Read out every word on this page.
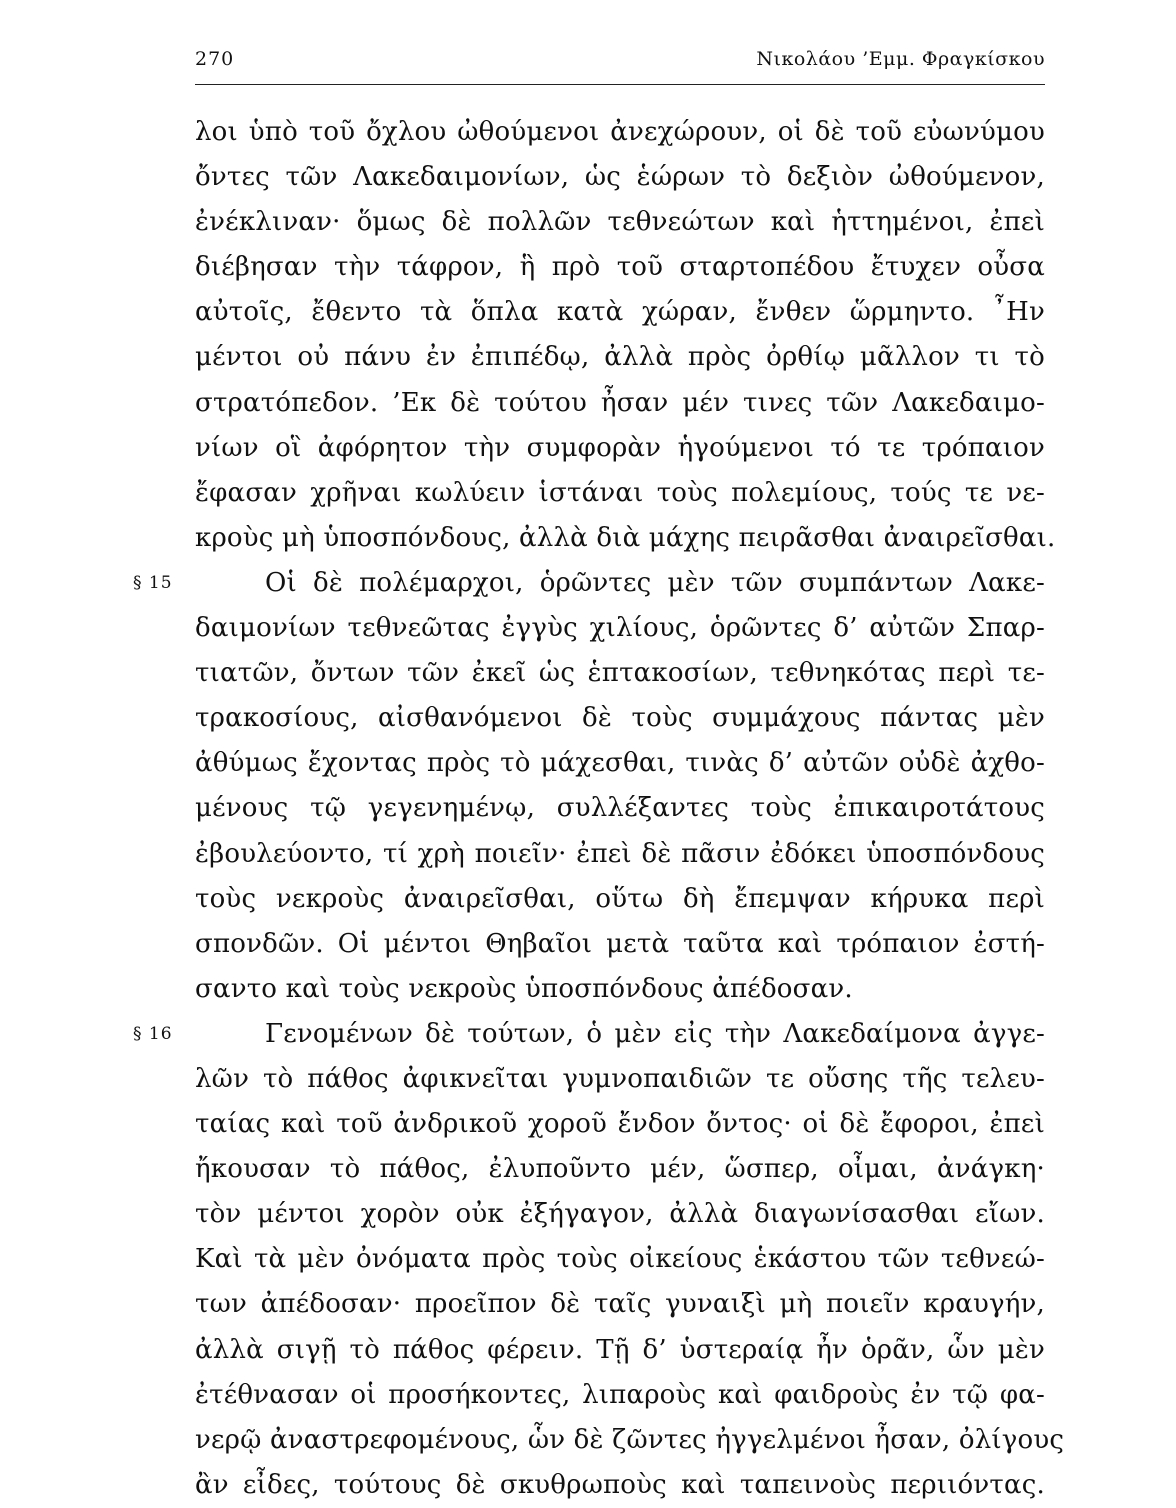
270	Νικολάου ’Εμμ. Φραγκίσκου
λοι ὑπὸ τοῦ ὄχλου ὠθούμενοι ἀνεχώρουν, οἱ δὲ τοῦ εὐωνύμου
ὄντες τῶν Λακεδαιμονίων, ὡς ἑώρων τὸ δεξιὸν ὠθούμενον,
ἐνέκλιναν· ὅμως δὲ πολλῶν τεθνεώτων καὶ ἡττημένοι, ἐπεὶ
διέβησαν τὴν τάφρον, ἣ πρὸ τοῦ σταρτοπέδου ἔτυχεν οὖσα
αὐτοῖς, ἔθεντο τὰ ὅπλα κατὰ χώραν, ἔνθεν ὥρμηντο. ῏Ην
μέντοι οὐ πάνυ ἐν ἐπιπέδῳ, ἀλλὰ πρὸς ὀρθίῳ μᾶλλον τι τὸ
στρατόπεδον. ’Εκ δὲ τούτου ἦσαν μέν τινες τῶν Λακεδαιμο-
νίων οἳ ἀφόρητον τὴν συμφορὰν ἡγούμενοι τό τε τρόπαιον
ἔφασαν χρῆναι κωλύειν ἱστάναι τοὺς πολεμίους, τούς τε νε-
κροὺς μὴ ὑποσπόνδους, ἀλλὰ διὰ μάχης πειρᾶσθαι ἀναιρεῖσθαι.
§ 15	Οἱ δὲ πολέμαρχοι, ὁρῶντες μὲν τῶν συμπάντων Λακε-
δαιμονίων τεθνεῶτας ἐγγὺς χιλίους, ὁρῶντες δ’ αὐτῶν Σπαρ-
τιατῶν, ὄντων τῶν ἐκεῖ ὡς ἑπτακοσίων, τεθνηκότας περὶ τε-
τρακοσίους, αἰσθανόμενοι δὲ τοὺς συμμάχους πάντας μὲν
ἀθύμως ἔχοντας πρὸς τὸ μάχεσθαι, τινὰς δ’ αὐτῶν οὐδὲ ἀχθο-
μένους τῷ γεγενημένῳ, συλλέξαντες τοὺς ἐπικαιροτάτους
ἐβουλεύοντο, τί χρὴ ποιεῖν· ἐπεὶ δὲ πᾶσιν ἐδόκει ὑποσπόνδους
τοὺς νεκροὺς ἀναιρεῖσθαι, οὕτω δὴ ἔπεμψαν κήρυκα περὶ
σπονδῶν. Οἱ μέντοι Θηβαῖοι μετὰ ταῦτα καὶ τρόπαιον ἐστή-
σαντο καὶ τοὺς νεκροὺς ὑποσπόνδους ἀπέδοσαν.
§ 16	Γενομένων δὲ τούτων, ὁ μὲν εἰς τὴν Λακεδαίμονα ἀγγε-
λῶν τὸ πάθος ἀφικνεῖται γυμνοπαιδιῶν τε οὔσης τῆς τελευ-
ταίας καὶ τοῦ ἀνδρικοῦ χοροῦ ἔνδον ὄντος· οἱ δὲ ἔφοροι, ἐπεὶ
ἤκουσαν τὸ πάθος, ἐλυποῦντο μέν, ὥσπερ, οἶμαι, ἀνάγκη·
τὸν μέντοι χορὸν οὐκ ἐξήγαγον, ἀλλὰ διαγωνίσασθαι εἴων.
Καὶ τὰ μὲν ὀνόματα πρὸς τοὺς οἰκείους ἑκάστου τῶν τεθνεώ-
των ἀπέδοσαν· προεῖπον δὲ ταῖς γυναιξὶ μὴ ποιεῖν κραυγήν,
ἀλλὰ σιγῇ τὸ πάθος φέρειν. Τῇ δ’ ὑστεραίᾳ ἦν ὁρᾶν, ὧν μὲν
ἐτέθνασαν οἱ προσήκοντες, λιπαροὺς καὶ φαιδροὺς ἐν τῷ φα-
νερῷ ἀναστρεφομένους, ὧν δὲ ζῶντες ἠγγελμένοι ἦσαν, ὀλίγους
ἂν εἶδες, τούτους δὲ σκυθρωποὺς καὶ ταπεινοὺς περιιόντας.
